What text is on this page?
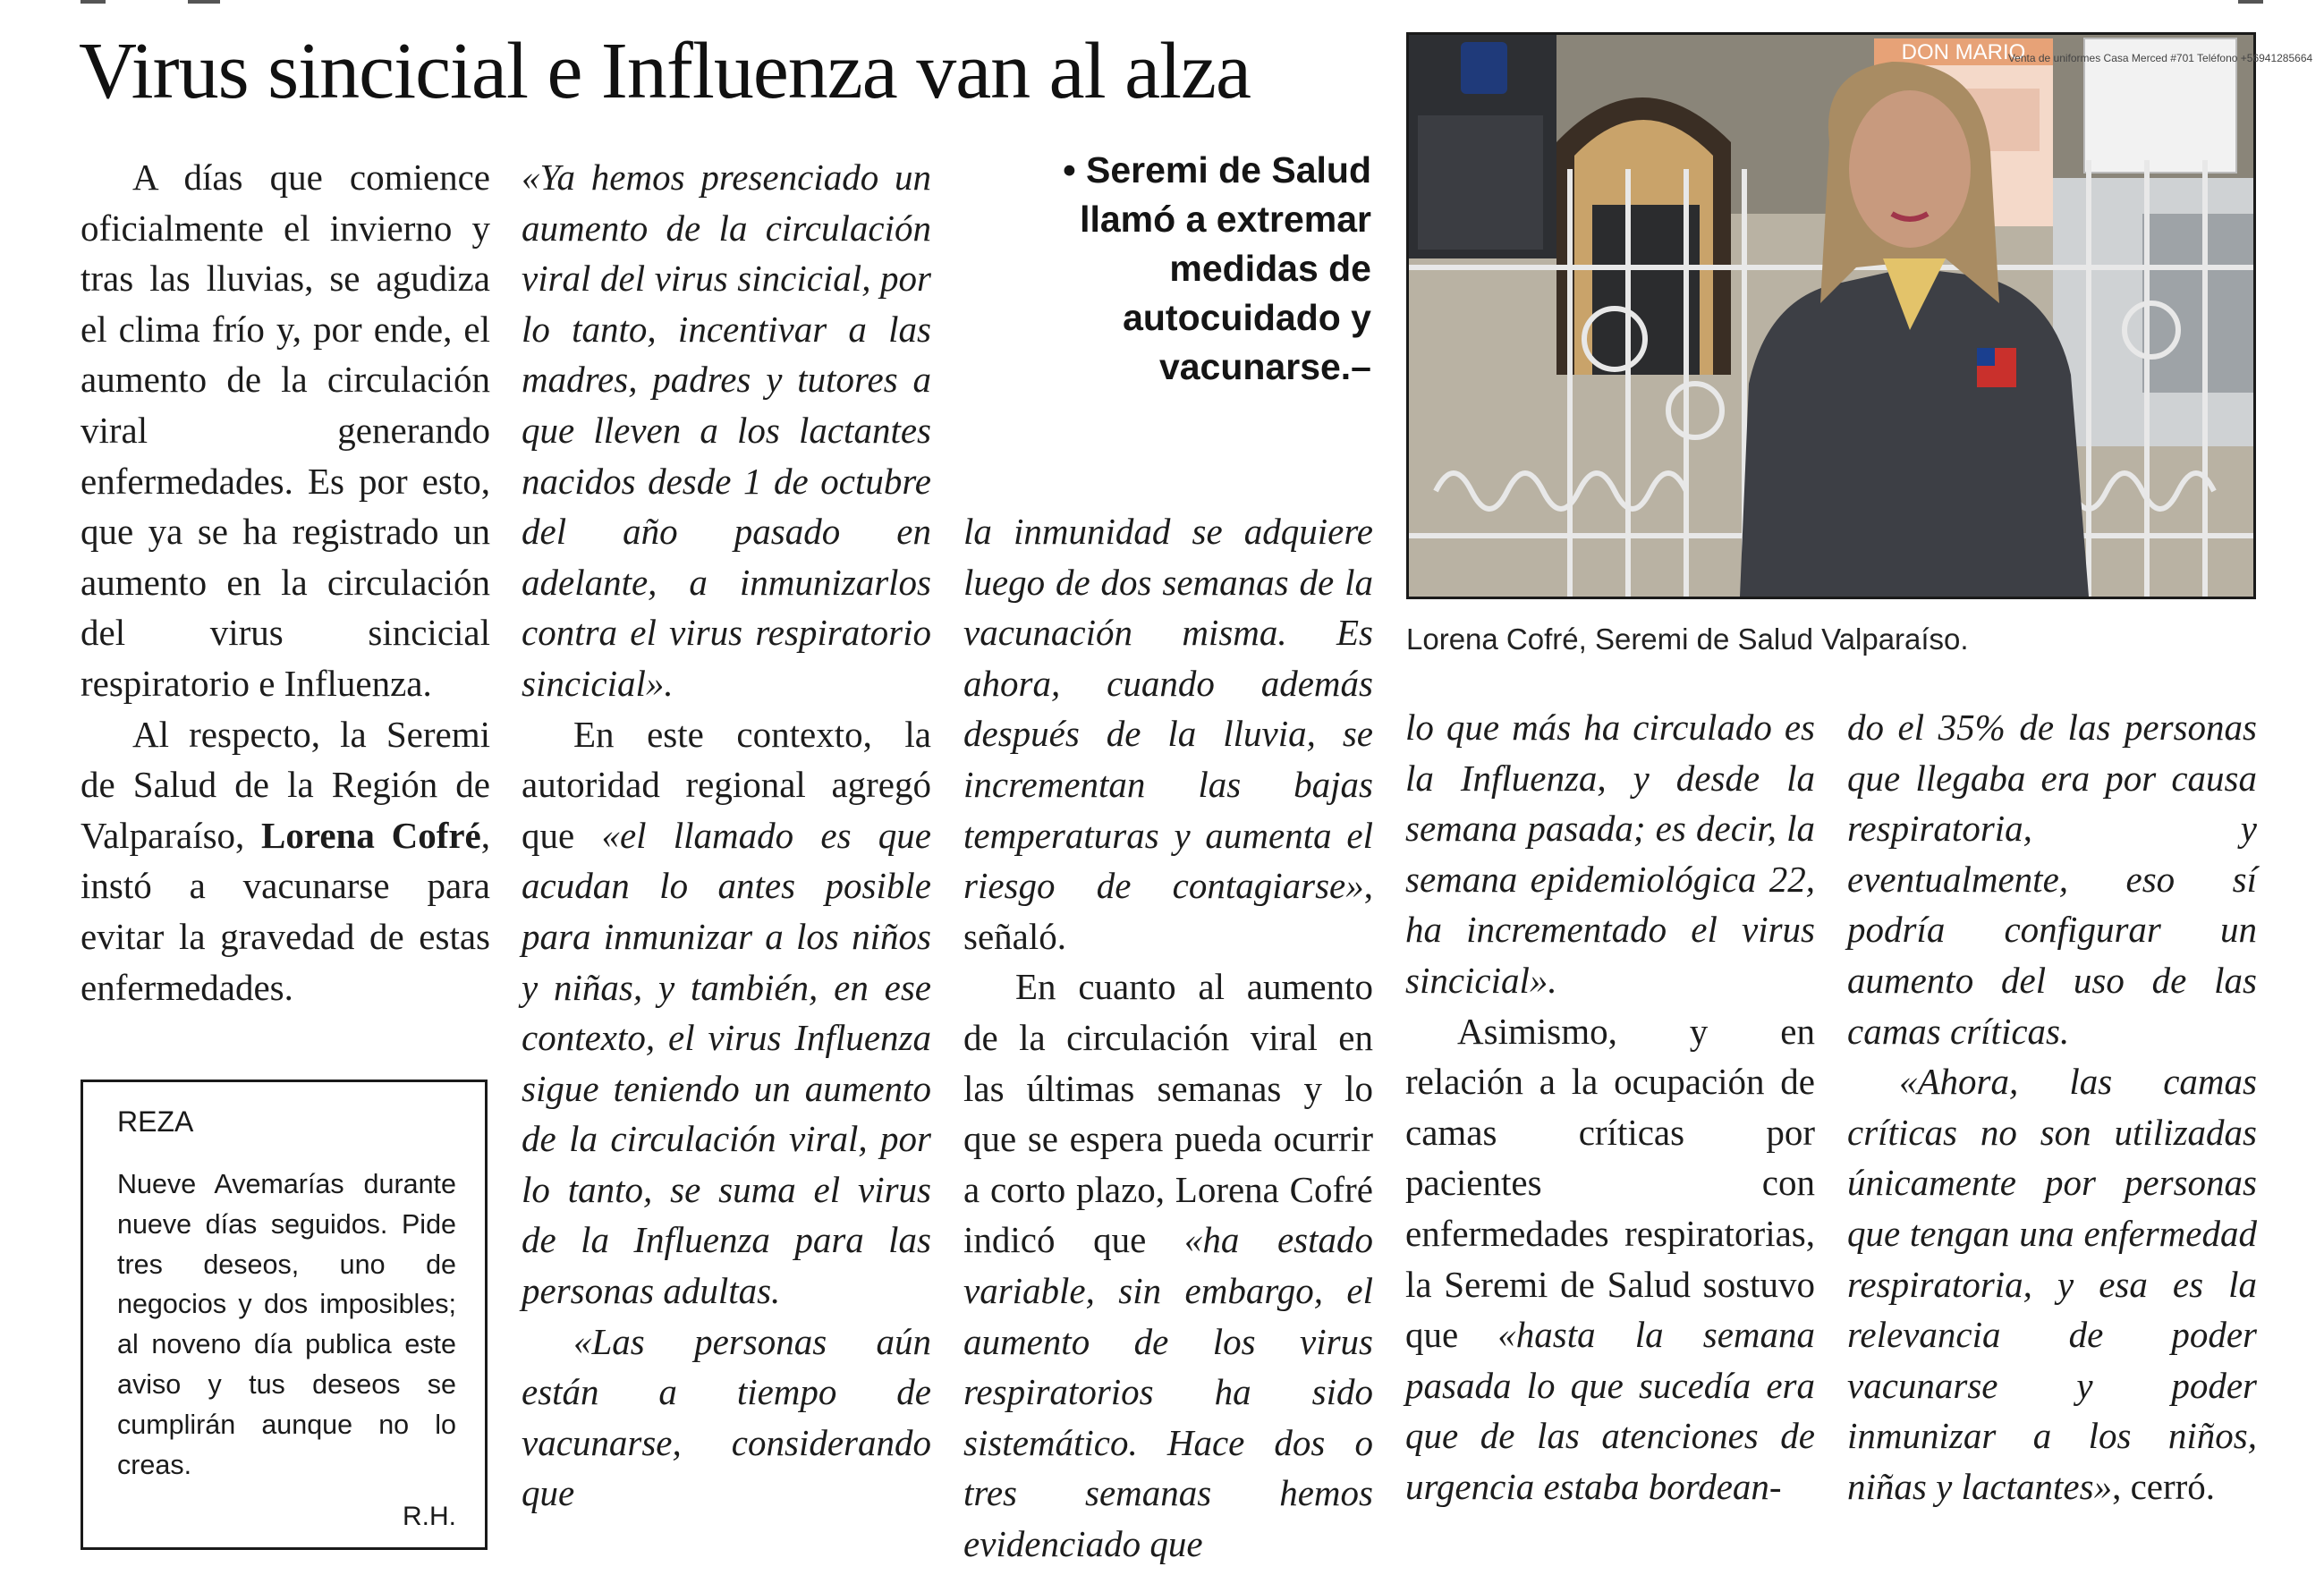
Virus sincicial e Influenza van al alza

A días que comience oficialmente el invierno y tras las lluvias, se agudiza el clima frío y, por ende, el aumento de la circulación viral generando enfermedades. Es por esto, que ya se ha registrado un aumento en la circulación del virus sincicial respiratorio e Influenza.

Al respecto, la Seremi de Salud de la Región de Valparaíso, Lorena Cofré, instó a vacunarse para evitar la gravedad de estas enfermedades.

REZA
Nueve Avemarías durante nueve días seguidos. Pide tres deseos, uno de negocios y dos imposibles; al noveno día publica este aviso y tus deseos se cumplirán aunque no lo creas.
R.H.

«Ya hemos presenciado un aumento de la circulación viral del virus sincicial, por lo tanto, incentivar a las madres, padres y tutores a que lleven a los lactantes nacidos desde 1 de octubre del año pasado en adelante, a inmunizarlos contra el virus respiratorio sincicial».

En este contexto, la autoridad regional agregó que «el llamado es que acudan lo antes posible para inmunizar a los niños y niñas, y también, en ese contexto, el virus Influenza sigue teniendo un aumento de la circulación viral, por lo tanto, se suma el virus de la Influenza para las personas adultas.

«Las personas aún están a tiempo de vacunarse, considerando que

• Seremi de Salud llamó a extremar medidas de autocuidado y vacunarse.–

la inmunidad se adquiere luego de dos semanas de la vacunación misma. Es ahora, cuando además después de la lluvia, se incrementan las bajas temperaturas y aumenta el riesgo de contagiarse», señaló.

En cuanto al aumento de la circulación viral en las últimas semanas y lo que se espera pueda ocurrir a corto plazo, Lorena Cofré indicó que «ha estado variable, sin embargo, el aumento de los virus respiratorios ha sido sistemático. Hace dos o tres semanas hemos evidenciado que

DON MARIO
Venta de uniformes Casa Merced #701 Teléfono +56941285664
Lorena Cofré, Seremi de Salud Valparaíso.

lo que más ha circulado es la Influenza, y desde la semana pasada; es decir, la semana epidemiológica 22, ha incrementado el virus sincicial».

Asimismo, y en relación a la ocupación de camas críticas por pacientes con enfermedades respiratorias, la Seremi de Salud sostuvo que «hasta la semana pasada lo que sucedía era que de las atenciones de urgencia estaba bordean-

do el 35% de las personas que llegaba era por causa respiratoria, y eventualmente, eso sí podría configurar un aumento del uso de las camas críticas.

«Ahora, las camas críticas no son utilizadas únicamente por personas que tengan una enfermedad respiratoria, y esa es la relevancia de poder vacunarse y poder inmunizar a los niños, niñas y lactantes», cerró.
